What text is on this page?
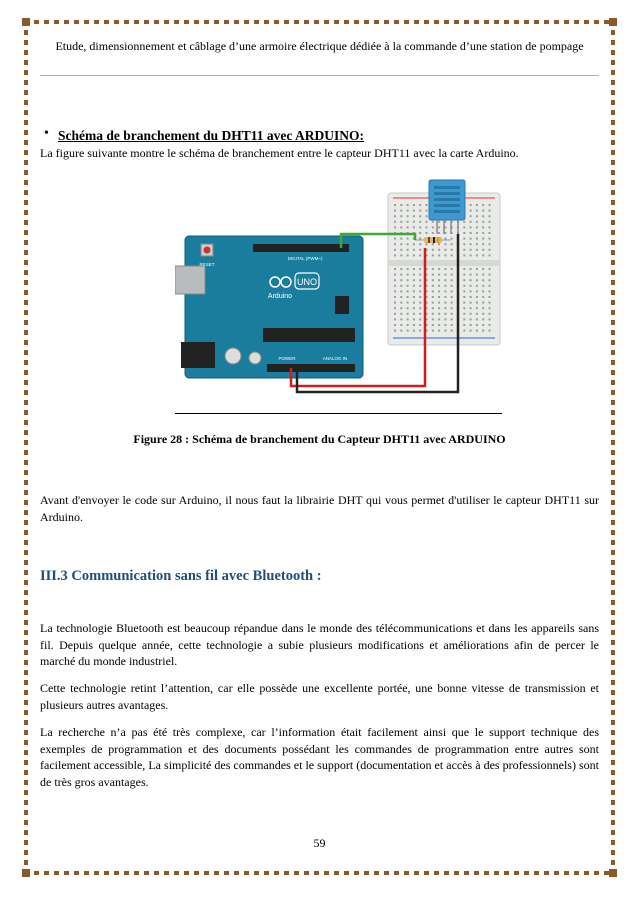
Etude, dimensionnement et câblage d’une armoire électrique dédiée à la commande d’une station de pompage
• Schéma de branchement du DHT11 avec ARDUINO:
La figure suivante montre le schéma de branchement entre le capteur DHT11 avec la carte Arduino.
UNO
Arduino
RESET
DIGITAL (PWM~)
ANALOG IN
POWER
Figure 28 : Schéma de branchement du Capteur DHT11 avec ARDUINO
Avant d'envoyer le code sur Arduino, il nous faut la librairie DHT qui vous permet d'utiliser le capteur DHT11 sur Arduino.
III.3 Communication sans fil avec Bluetooth :
La technologie Bluetooth est beaucoup répandue dans le monde des télécommunications et dans les appareils sans fil. Depuis quelque année, cette technologie a subie plusieurs modifications et améliorations afin de percer le marché du monde industriel.
Cette technologie retint l’attention, car elle possède une excellente portée, une bonne vitesse de transmission et plusieurs autres avantages.
La recherche n’a pas été très complexe, car l’information était facilement ainsi que le support technique des exemples de programmation et des documents possédant les commandes de programmation entre autres sont facilement accessible, La simplicité des commandes et le support (documentation et accès à des professionnels) sont de très gros avantages.
59
